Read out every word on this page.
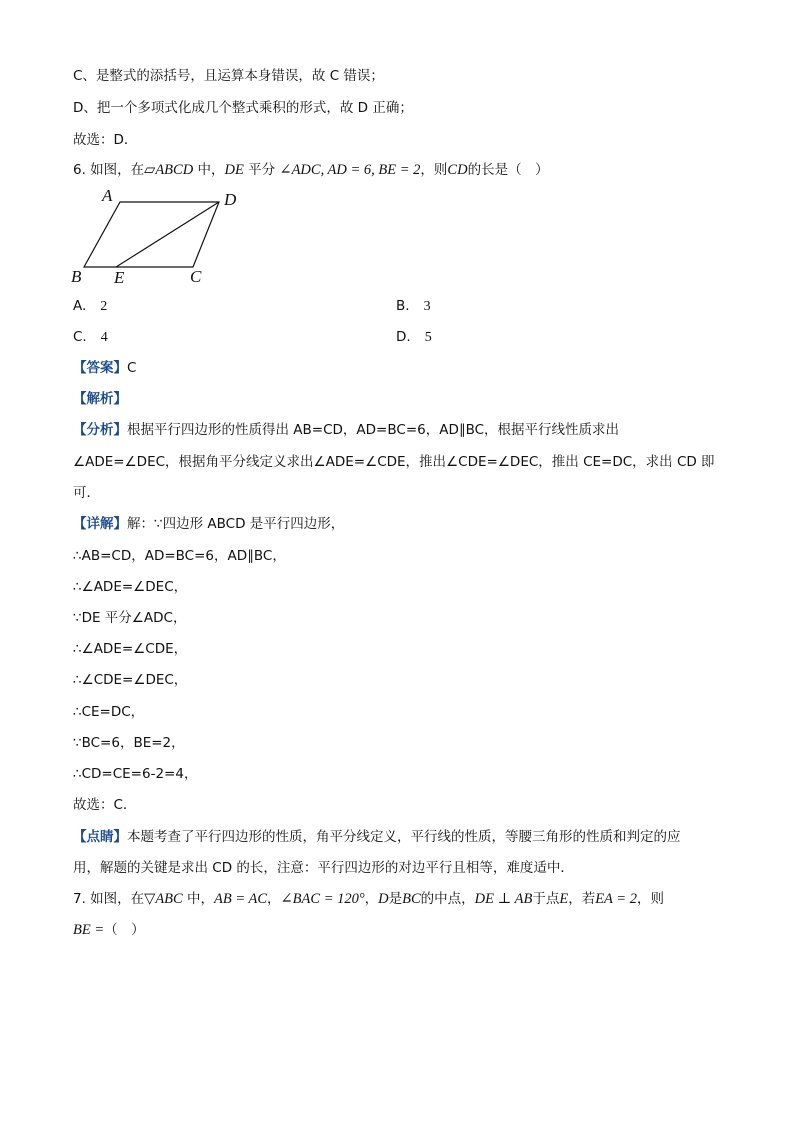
C、是整式的添括号，且运算本身错误，故 C 错误；
D、把一个多项式化成几个整式乘积的形式，故 D 正确；
故选：D．
6. 如图，在▱ABCD 中，DE 平分 ∠ADC, AD = 6, BE = 2，则CD的长是（　）
A	D
B E	C
A. 2	B. 3
C. 4	D. 5
【答案】C
【解析】
【分析】根据平行四边形的性质得出 AB=CD，AD=BC=6，AD∥BC，根据平行线性质求出
∠ADE=∠DEC，根据角平分线定义求出∠ADE=∠CDE，推出∠CDE=∠DEC，推出 CE=DC，求出 CD 即
可．
【详解】解：∵四边形 ABCD 是平行四边形，
∴AB=CD，AD=BC=6，AD∥BC，
∴∠ADE=∠DEC，
∵DE 平分∠ADC，
∴∠ADE=∠CDE，
∴∠CDE=∠DEC，
∴CE=DC，
∵BC=6，BE=2，
∴CD=CE=6-2=4，
故选：C．
【点睛】本题考查了平行四边形的性质，角平分线定义，平行线的性质，等腰三角形的性质和判定的应
用，解题的关键是求出 CD 的长，注意：平行四边形的对边平行且相等，难度适中．
7. 如图，在▽ABC 中，AB = AC，∠BAC = 120°，D是BC的中点，DE ⊥ AB于点E，若EA = 2，则
BE =（　）
